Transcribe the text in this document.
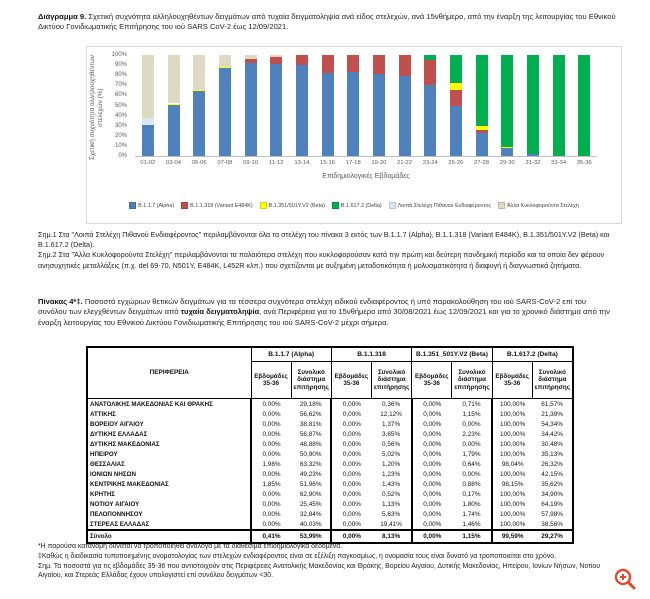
Διάγραμμα 9. Σχετική συχνότητα αλληλουχηθέντων δειγμάτων από τυχαία δειγματοληψία ανά είδος στελεχών, ανά 15νθήμερο, από την έναρξη της λειτουργίας του Εθνικού Δικτύου Γονιδιωματικής Επιτήρησης του ιού SARS CoV-2 έως 12/09/2021.

Σχετική συχνότητα αλληλουχηθέντων
στελεχών (%)
0%
10%
20%
30%
40%
50%
60%
70%
80%
90%
100%
01-02	03-04	05-06	07-08	09-10	11-12	13-14	15-16	17-18	19-20	21-22	23-24	25-26	27-28	29-30	31-32	33-34	35-36
Επιδημιολογικές Εβδομάδες
B.1.1.7 (Alpha)	B.1.1.318 (Variant E484K)	B.1.351/501Y.V2 (Beta)	B.1.617.2 (Delta)	Λοιπά Στελέχη Πιθανού Ενδιαφέροντος	Άλλα Κυκλοφορούντα Στελέχη

Σημ.1 Στα "Λοιπά Στελέχη Πιθανού Ενδιαφέροντος" περιλαμβάνονται όλα τα στελέχη του πίνακα 3 εκτός των B.1.1.7 (Alpha), B.1.1.318 (Variant E484K), B.1.351/501Y.V2 (Beta) και B.1.617.2 (Delta).

Σημ.2 Στα "Άλλα Κυκλοφορούντα Στελέχη" περιλαμβάνονται τα παλαιότερα στελέχη που κυκλοφορούσαν κατά την πρώτη και δεύτερη πανδημική περίοδο και τα οποία δεν φέρουν ανησυχητικές μεταλλάξεις (π.χ. del 69-70, N501Y, E484K, L452R κλπ.) που σχετίζονται με αυξημένη μεταδοτικότητα ή μολυσματικότητα ή διαφυγή ή διαγνωστικά ζητήματα.

Πίνακας 4*‡. Ποσοστά εγχώριων θετικών δειγμάτων για τα τέσσερα συχνότερα στελέχη ειδικού ενδιαφέροντος ή υπό παρακολούθηση του ιού SARS-CoV-2 επί του συνόλου των ελεγχθέντων δειγμάτων από τυχαία δειγματοληψία, ανά Περιφέρεια για το 15νθήμερο από 30/08/2021 έως 12/09/2021 και για το χρονικό διάστημα από την έναρξη λειτουργίας του Εθνικού Δικτύου Γονιδιωματικής Επιτήρησης του ιού SARS-CoV-2 μέχρι σήμερα.

ΠΕΡΙΦΕΡΕΙΑ	B.1.1.7 (Alpha)		B.1.1.318		B.1.351_501Y.V2 (Beta)		B.1.617.2 (Delta)	
	Εβδομάδες 35-36	Συνολικό διάστημα επιτήρησης	Εβδομάδες 35-36	Συνολικό διάστημα επιτήρησης	Εβδομάδες 35-36	Συνολικό διάστημα επιτήρησης	Εβδομάδες 35-36	Συνολικό διάστημα επιτήρησης
ΑΝΑΤΟΛΙΚΗΣ ΜΑΚΕΔΟΝΙΑΣ ΚΑΙ ΘΡΑΚΗΣ	0,00%	29,18%	0,00%	0,36%	0,00%	0,71%	100,00%	61,57%
ΑΤΤΙΚΗΣ	0,00%	56,62%	0,00%	12,12%	0,00%	1,15%	100,00%	21,39%
ΒΟΡΕΙΟΥ ΑΙΓΑΙΟΥ	0,00%	38,81%	0,00%	1,37%	0,00%	0,00%	100,00%	54,34%
ΔΥΤΙΚΗΣ ΕΛΛΑΔΑΣ	0,00%	56,87%	0,00%	3,65%	0,00%	2,23%	100,00%	34,42%
ΔΥΤΙΚΗΣ ΜΑΚΕΔΟΝΙΑΣ	0,00%	48,88%	0,00%	0,56%	0,00%	0,00%	100,00%	30,48%
ΗΠΕΙΡΟΥ	0,00%	50,90%	0,00%	5,02%	0,00%	1,79%	100,00%	35,13%
ΘΕΣΣΑΛΙΑΣ	1,96%	63,32%	0,00%	1,20%	0,00%	0,64%	98,04%	26,32%
ΙΟΝΙΩΝ ΝΗΣΩΝ	0,00%	49,23%	0,00%	1,23%	0,00%	0,00%	100,00%	42,15%
ΚΕΝΤΡΙΚΗΣ ΜΑΚΕΔΟΝΙΑΣ	1,85%	51,96%	0,00%	1,43%	0,00%	0,88%	98,15%	35,62%
ΚΡΗΤΗΣ	0,00%	62,90%	0,00%	0,52%	0,00%	0,17%	100,00%	34,90%
ΝΟΤΙΟΥ ΑΙΓΑΙΟΥ	0,00%	25,45%	0,00%	1,13%	0,00%	1,80%	100,00%	64,19%
ΠΕΛΟΠΟΝΝΗΣΟΥ	0,00%	32,84%	0,00%	5,63%	0,00%	1,74%	100,00%	57,98%
ΣΤΕΡΕΑΣ ΕΛΛΑΔΑΣ	0,00%	40,03%	0,00%	19,41%	0,00%	1,46%	100,00%	38,56%
Σύνολο	0,41%	53,99%	0,00%	8,13%	0,00%	1,15%	99,59%	29,27%

*Η παρούσα κατανομή δύναται να τροποποιηθεί ανάλογα με τα διαθέσιμα επιδημιολογικά δεδομένα.

‡Καθώς η διαδικασία τυποποιημένης ονοματολογίας των στελεχών ενδιαφέροντος είναι σε εξέλιξη παγκοσμίως, η ονομασία τους είναι δυνατό να τροποποιείται στο χρόνο.

Σημ. Τα ποσοστά για τις εβδομάδες 35-36 που αντιστοιχούν στις Περιφέρειες Ανατολικής Μακεδονίας και Θράκης, Βορείου Αιγαίου, Δυτικής Μακεδονίας, Ηπείρου, Ιονίων Νήσων, Νοτίου Αιγαίου, και Στερεάς Ελλάδας έχουν υπολογιστεί επί συνόλου δειγμάτων <30.
